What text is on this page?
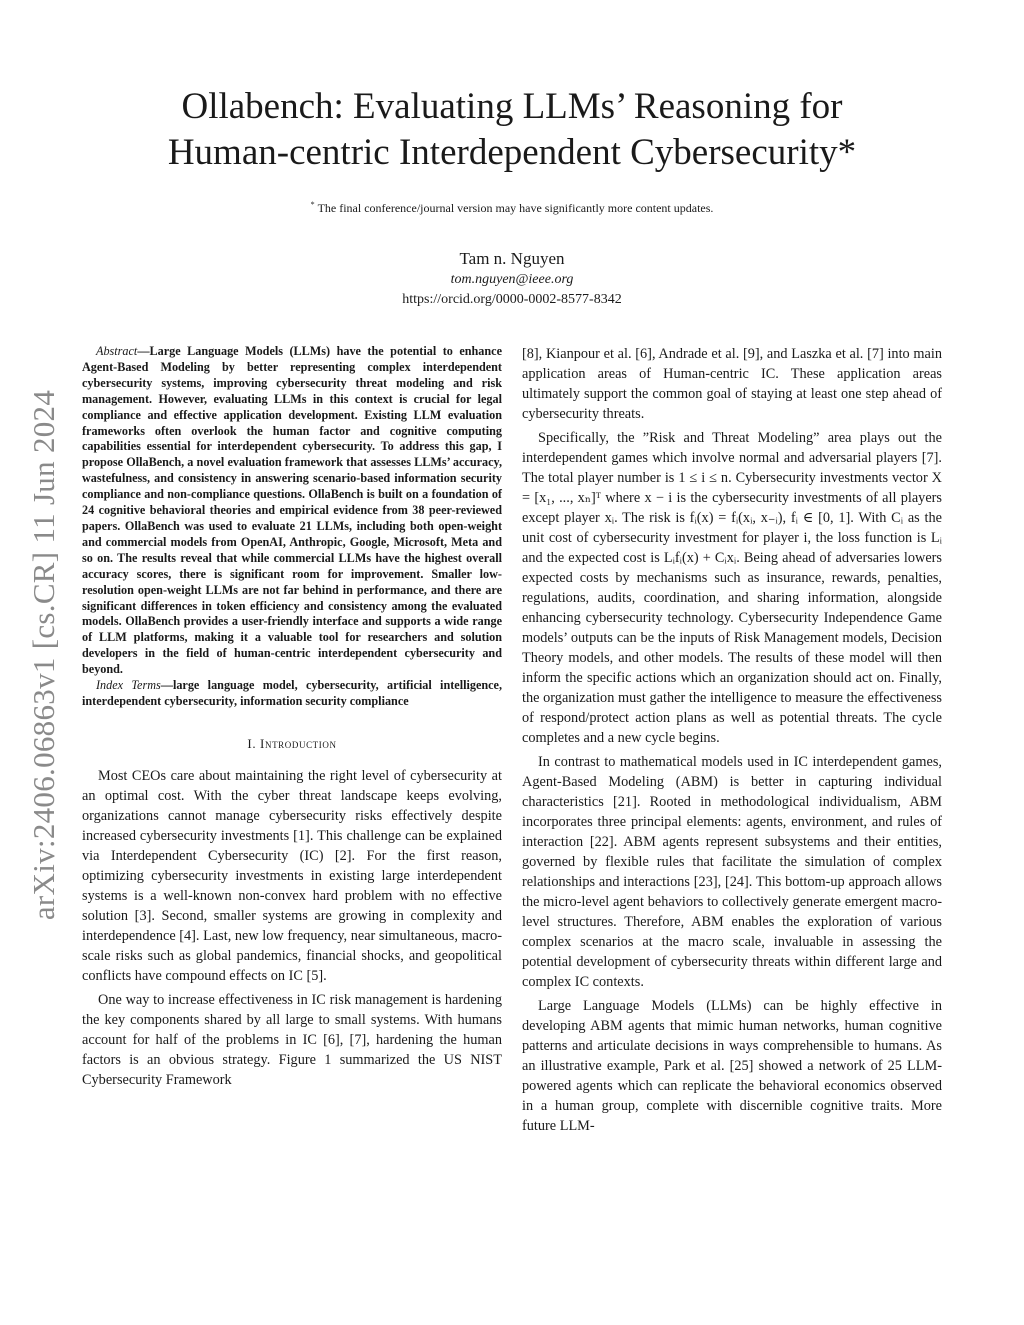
arXiv:2406.06863v1 [cs.CR] 11 Jun 2024
Ollabench: Evaluating LLMs’ Reasoning for
Human-centric Interdependent Cybersecurity*
* The final conference/journal version may have significantly more content updates.
Tam n. Nguyen
tom.nguyen@ieee.org
https://orcid.org/0000-0002-8577-8342

Abstract—Large Language Models (LLMs) have the potential to enhance Agent-Based Modeling by better representing complex interdependent cybersecurity systems, improving cybersecurity threat modeling and risk management. However, evaluating LLMs in this context is crucial for legal compliance and effective application development. Existing LLM evaluation frameworks often overlook the human factor and cognitive computing capabilities essential for interdependent cybersecurity. To address this gap, I propose OllaBench, a novel evaluation framework that assesses LLMs’ accuracy, wastefulness, and consistency in answering scenario-based information security compliance and non-compliance questions. OllaBench is built on a foundation of 24 cognitive behavioral theories and empirical evidence from 38 peer-reviewed papers. OllaBench was used to evaluate 21 LLMs, including both open-weight and commercial models from OpenAI, Anthropic, Google, Microsoft, Meta and so on. The results reveal that while commercial LLMs have the highest overall accuracy scores, there is significant room for improvement. Smaller low-resolution open-weight LLMs are not far behind in performance, and there are significant differences in token efficiency and consistency among the evaluated models. OllaBench provides a user-friendly interface and supports a wide range of LLM platforms, making it a valuable tool for researchers and solution developers in the field of human-centric interdependent cybersecurity and beyond.

Index Terms—large language model, cybersecurity, artificial intelligence, interdependent cybersecurity, information security compliance

I. Introduction

Most CEOs care about maintaining the right level of cybersecurity at an optimal cost. With the cyber threat landscape keeps evolving, organizations cannot manage cybersecurity risks effectively despite increased cybersecurity investments [1]. This challenge can be explained via Interdependent Cybersecurity (IC) [2]. For the first reason, optimizing cybersecurity investments in existing large interdependent systems is a well-known non-convex hard problem with no effective solution [3]. Second, smaller systems are growing in complexity and interdependence [4]. Last, new low frequency, near simultaneous, macro-scale risks such as global pandemics, financial shocks, and geopolitical conflicts have compound effects on IC [5].

One way to increase effectiveness in IC risk management is hardening the key components shared by all large to small systems. With humans account for half of the problems in IC [6], [7], hardening the human factors is an obvious strategy. Figure 1 summarized the US NIST Cybersecurity Framework

[8], Kianpour et al. [6], Andrade et al. [9], and Laszka et al. [7] into main application areas of Human-centric IC. These application areas ultimately support the common goal of staying at least one step ahead of cybersecurity threats.

Specifically, the ”Risk and Threat Modeling” area plays out the interdependent games which involve normal and adversarial players [7]. The total player number is 1 ≤ i ≤ n. Cybersecurity investments vector X = [x₁, ..., xₙ]ᵀ where x − i is the cybersecurity investments of all players except player xᵢ. The risk is fᵢ(x) = fᵢ(xᵢ, x₋ᵢ), fᵢ ∈ [0, 1]. With Cᵢ as the unit cost of cybersecurity investment for player i, the loss function is Lᵢ and the expected cost is Lᵢfᵢ(x) + Cᵢxᵢ. Being ahead of adversaries lowers expected costs by mechanisms such as insurance, rewards, penalties, regulations, audits, coordination, and sharing information, alongside enhancing cybersecurity technology. Cybersecurity Independence Game models’ outputs can be the inputs of Risk Management models, Decision Theory models, and other models. The results of these model will then inform the specific actions which an organization should act on. Finally, the organization must gather the intelligence to measure the effectiveness of respond/protect action plans as well as potential threats. The cycle completes and a new cycle begins.

In contrast to mathematical models used in IC interdependent games, Agent-Based Modeling (ABM) is better in capturing individual characteristics [21]. Rooted in methodological individualism, ABM incorporates three principal elements: agents, environment, and rules of interaction [22]. ABM agents represent subsystems and their entities, governed by flexible rules that facilitate the simulation of complex relationships and interactions [23], [24]. This bottom-up approach allows the micro-level agent behaviors to collectively generate emergent macro-level structures. Therefore, ABM enables the exploration of various complex scenarios at the macro scale, invaluable in assessing the potential development of cybersecurity threats within different large and complex IC contexts.

Large Language Models (LLMs) can be highly effective in developing ABM agents that mimic human networks, human cognitive patterns and articulate decisions in ways comprehensible to humans. As an illustrative example, Park et al. [25] showed a network of 25 LLM-powered agents which can replicate the behavioral economics observed in a human group, complete with discernible cognitive traits. More future LLM-
